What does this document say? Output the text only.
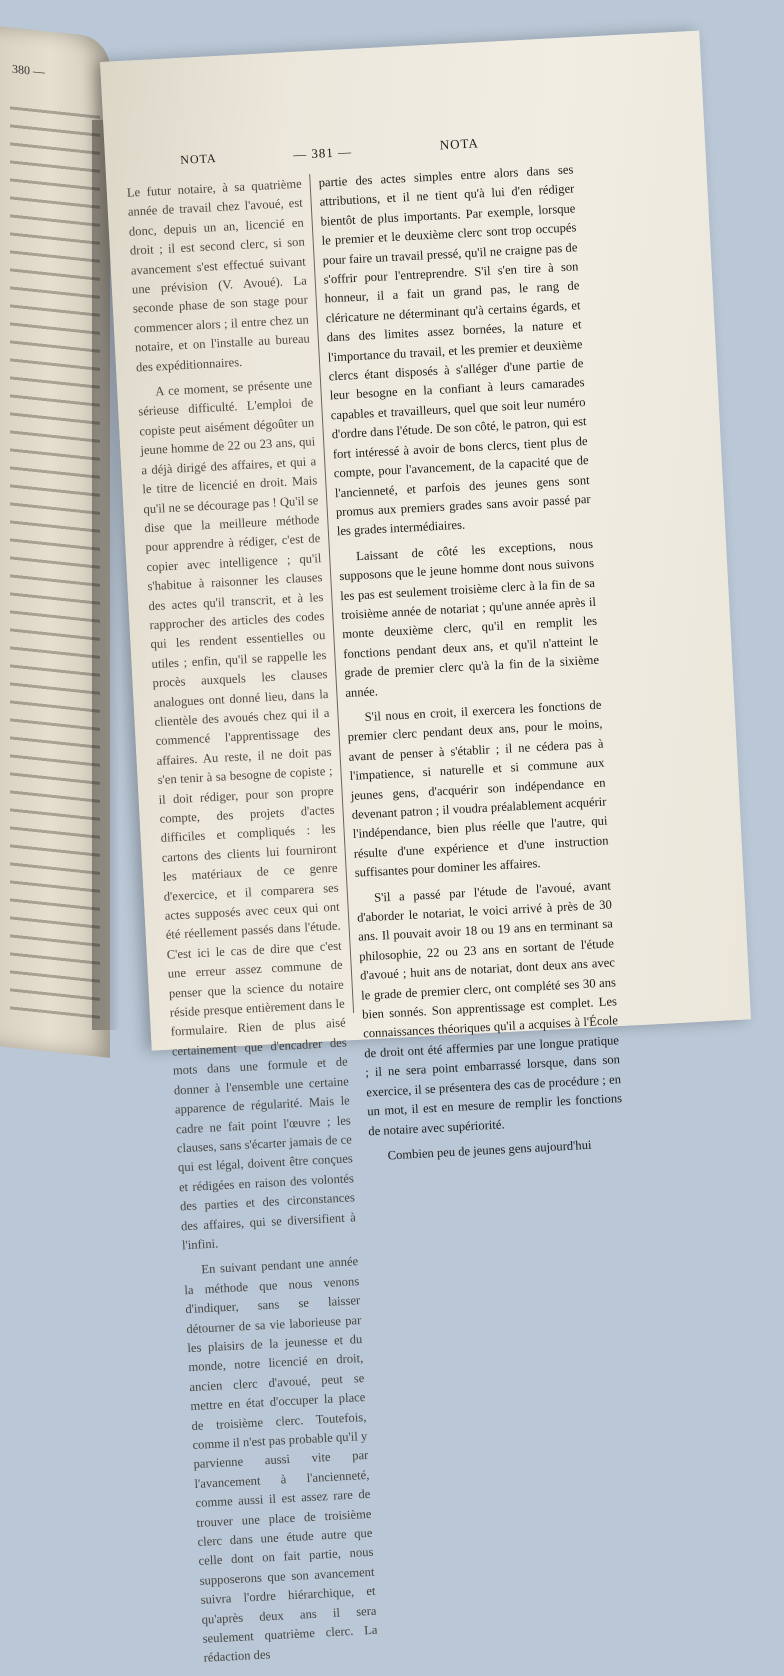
380 —
NOTA	— 381 —
NOTA

Le futur notaire, à sa quatrième année de travail chez l'avoué, est donc, depuis un an, licencié en droit ; il est second clerc, si son avancement s'est effectué suivant une prévision (V. Avoué). La seconde phase de son stage pour commencer alors ; il entre chez un notaire, et on l'installe au bureau des expéditionnaires.

A ce moment, se présente une sérieuse difficulté. L'emploi de copiste peut aisément dégoûter un jeune homme de 22 ou 23 ans, qui a déjà dirigé des affaires, et qui a le titre de licencié en droit. Mais qu'il ne se décourage pas ! Qu'il se dise que la meilleure méthode pour apprendre à rédiger, c'est de copier avec intelligence ; qu'il s'habitue à raisonner les clauses des actes qu'il transcrit, et à les rapprocher des articles des codes qui les rendent essentielles ou utiles ; enfin, qu'il se rappelle les procès auxquels les clauses analogues ont donné lieu, dans la clientèle des avoués chez qui il a commencé l'apprentissage des affaires. Au reste, il ne doit pas s'en tenir à sa besogne de copiste ; il doit rédiger, pour son propre compte, des projets d'actes difficiles et compliqués : les cartons des clients lui fourniront les matériaux de ce genre d'exercice, et il comparera ses actes supposés avec ceux qui ont été réellement passés dans l'étude. C'est ici le cas de dire que c'est une erreur assez commune de penser que la science du notaire réside presque entièrement dans le formulaire. Rien de plus aisé certainement que d'encadrer des mots dans une formule et de donner à l'ensemble une certaine apparence de régularité. Mais le cadre ne fait point l'œuvre ; les clauses, sans s'écarter jamais de ce qui est légal, doivent être conçues et rédigées en raison des volontés des parties et des circonstances des affaires, qui se diversifient à l'infini.

En suivant pendant une année la méthode que nous venons d'indiquer, sans se laisser détourner de sa vie laborieuse par les plaisirs de la jeunesse et du monde, notre licencié en droit, ancien clerc d'avoué, peut se mettre en état d'occuper la place de troisième clerc. Toutefois, comme il n'est pas probable qu'il y parvienne aussi vite par l'avancement à l'ancienneté, comme aussi il est assez rare de trouver une place de troisième clerc dans une étude autre que celle dont on fait partie, nous supposerons que son avancement suivra l'ordre hiérarchique, et qu'après deux ans il sera seulement quatrième clerc. La rédaction des

partie des actes simples entre alors dans ses attributions, et il ne tient qu'à lui d'en rédiger bientôt de plus importants. Par exemple, lorsque le premier et le deuxième clerc sont trop occupés pour faire un travail pressé, qu'il ne craigne pas de s'offrir pour l'entreprendre. S'il s'en tire à son honneur, il a fait un grand pas, le rang de cléricature ne déterminant qu'à certains égards, et dans des limites assez bornées, la nature et l'importance du travail, et les premier et deuxième clercs étant disposés à s'alléger d'une partie de leur besogne en la confiant à leurs camarades capables et travailleurs, quel que soit leur numéro d'ordre dans l'étude. De son côté, le patron, qui est fort intéressé à avoir de bons clercs, tient plus de compte, pour l'avancement, de la capacité que de l'ancienneté, et parfois des jeunes gens sont promus aux premiers grades sans avoir passé par les grades intermédiaires.

Laissant de côté les exceptions, nous supposons que le jeune homme dont nous suivons les pas est seulement troisième clerc à la fin de sa troisième année de notariat ; qu'une année après il monte deuxième clerc, qu'il en remplit les fonctions pendant deux ans, et qu'il n'atteint le grade de premier clerc qu'à la fin de la sixième année.

S'il nous en croit, il exercera les fonctions de premier clerc pendant deux ans, pour le moins, avant de penser à s'établir ; il ne cédera pas à l'impatience, si naturelle et si commune aux jeunes gens, d'acquérir son indépendance en devenant patron ; il voudra préalablement acquérir l'indépendance, bien plus réelle que l'autre, qui résulte d'une expérience et d'une instruction suffisantes pour dominer les affaires.

S'il a passé par l'étude de l'avoué, avant d'aborder le notariat, le voici arrivé à près de 30 ans. Il pouvait avoir 18 ou 19 ans en terminant sa philosophie, 22 ou 23 ans en sortant de l'étude d'avoué ; huit ans de notariat, dont deux ans avec le grade de premier clerc, ont complété ses 30 ans bien sonnés. Son apprentissage est complet. Les connaissances théoriques qu'il a acquises à l'École de droit ont été affermies par une longue pratique ; il ne sera point embarrassé lorsque, dans son exercice, il se présentera des cas de procédure ; en un mot, il est en mesure de remplir les fonctions de notaire avec supériorité.

Combien peu de jeunes gens aujourd'hui
